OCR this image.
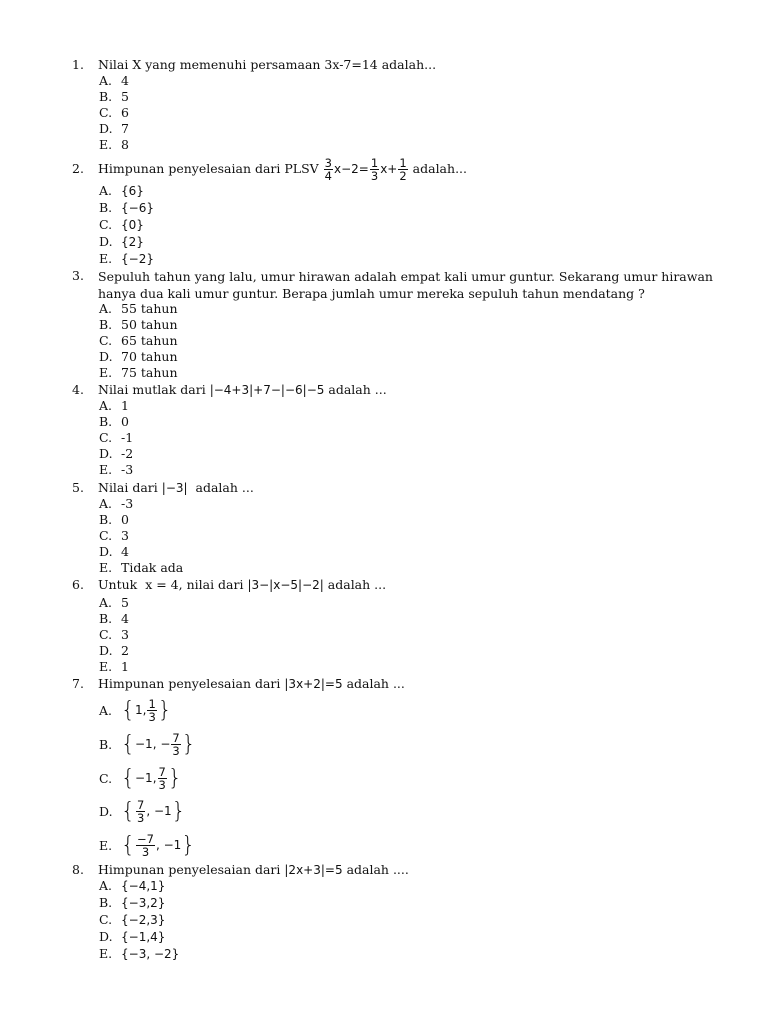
1.	Nilai X yang memenuhi persamaan 3x-7=14 adalah...
A. 4
B. 5
C. 6
D. 7
E. 8
2.	Himpunan penyelesaian dari PLSV
$\frac{3}{4} x-2= \frac{1}{3} x+ \frac{1}{2}$
adalah...
A. {6}
B. {−6}
C. {0}
D. {2}
E. {−2}
3.	Sepuluh tahun yang lalu, umur hirawan adalah empat kali umur guntur. Sekarang umur hirawan hanya dua kali umur guntur. Berapa jumlah umur mereka sepuluh tahun mendatang ?
A. 55 tahun
B. 50 tahun
C. 65 tahun
D. 70 tahun
E. 75 tahun
4.	Nilai mutlak dari |−4+3|+7−|−6|−5 adalah ...
A. 1
B. 0
C. -1
D. -2
E. -3
5.	Nilai dari |−3| adalah ...
A. -3
B. 0
C. 3
D. 4
E. Tidak ada
6.	Untuk x = 4, nilai dari |3−|x−5|−2| adalah ...
A. 5
B. 4
C. 3
D. 2
E. 1
7.	Himpunan penyelesaian dari |3x+2|=5 adalah ...
A. { 1, $\frac{1}{3}$ }
B. { −1, − $\frac{7}{3}$ }
C. { −1, $\frac{7}{3}$ }
D. { $\frac{7}{3}$ , −1 }
E. { $\frac{-7}{3}$ , −1 }
8.	Himpunan penyelesaian dari |2x+3|=5 adalah ....
A. {−4,1}
B. {−3,2}
C. {−2,3}
D. {−1,4}
E. {−3, −2}
